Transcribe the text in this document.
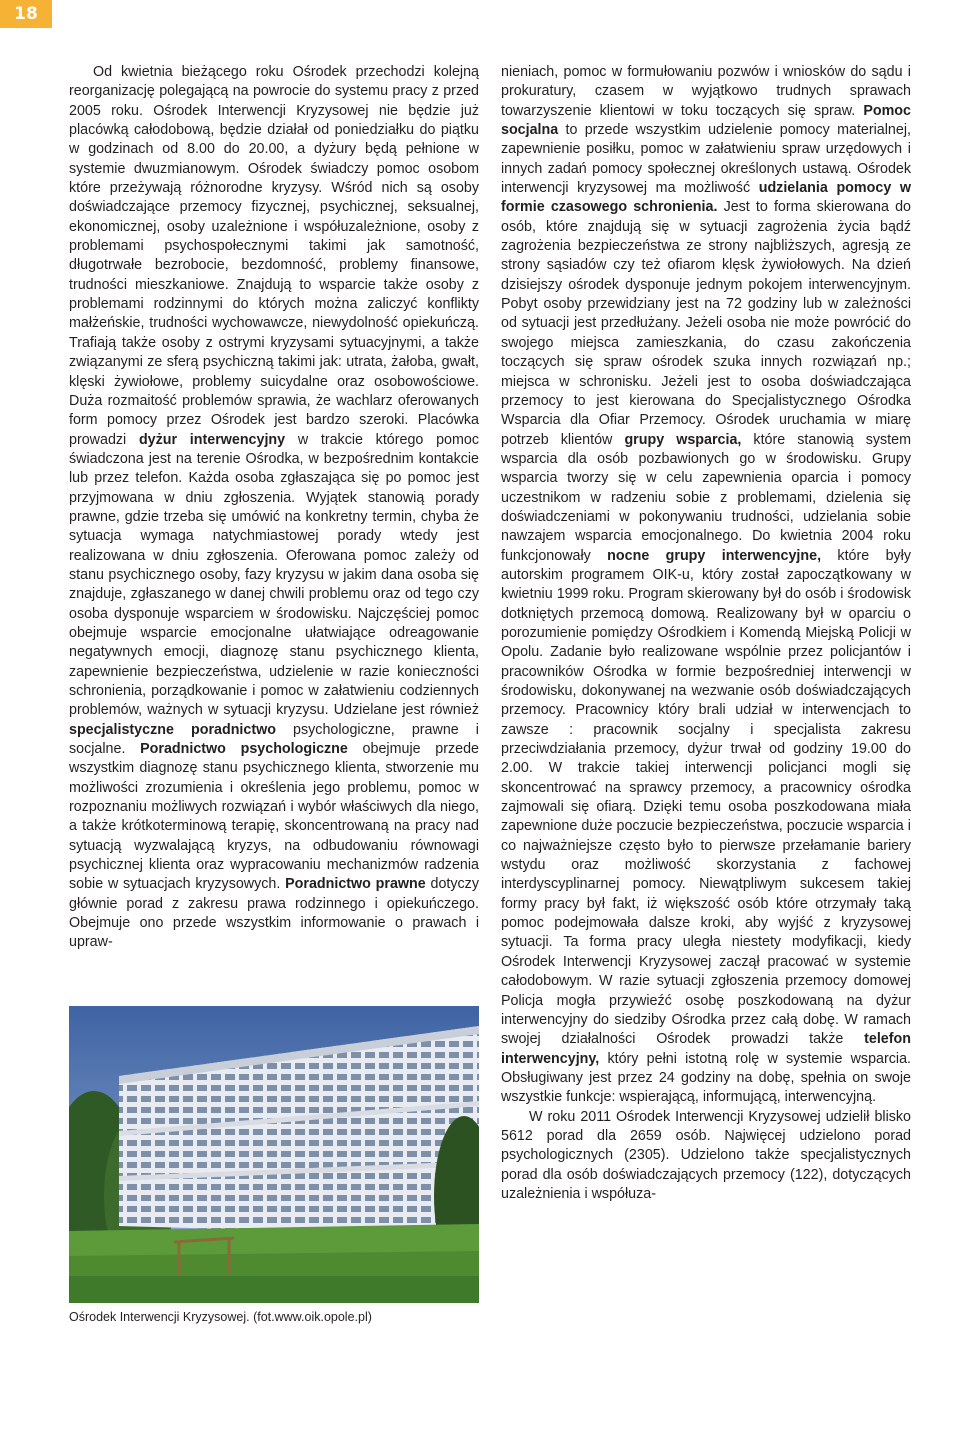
18

Od kwietnia bieżącego roku Ośrodek przechodzi kolejną reorganizację polegającą na powrocie do systemu pracy z przed 2005 roku. Ośrodek Interwencji Kryzysowej nie będzie już placówką całodobową, będzie działał od poniedziałku do piątku w godzinach od 8.00 do 20.00, a dyżury będą pełnione w systemie dwuzmianowym. Ośrodek świadczy pomoc osobom które przeżywają różnorodne kryzysy. Wśród nich są osoby doświadczające przemocy fizycznej, psychicznej, seksualnej, ekonomicznej, osoby uzależnione i współuzależnione, osoby z problemami psychospołecznymi takimi jak samotność, długotrwałe bezrobocie, bezdomność, problemy finansowe, trudności mieszkaniowe. Znajdują to wsparcie także osoby z problemami rodzinnymi do których można zaliczyć konflikty małżeńskie, trudności wychowawcze, niewydolność opiekuńczą. Trafiają także osoby z ostrymi kryzysami sytuacyjnymi, a także związanymi ze sferą psychiczną takimi jak: utrata, żałoba, gwałt, klęski żywiołowe, problemy suicydalne oraz osobowościowe. Duża rozmaitość problemów sprawia, że wachlarz oferowanych form pomocy przez Ośrodek jest bardzo szeroki. Placówka prowadzi dyżur interwencyjny w trakcie którego pomoc świadczona jest na terenie Ośrodka, w bezpośrednim kontakcie lub przez telefon. Każda osoba zgłaszająca się po pomoc jest przyjmowana w dniu zgłoszenia. Wyjątek stanowią porady prawne, gdzie trzeba się umówić na konkretny termin, chyba że sytuacja wymaga natychmiastowej porady wtedy jest realizowana w dniu zgłoszenia. Oferowana pomoc zależy od stanu psychicznego osoby, fazy kryzysu w jakim dana osoba się znajduje, zgłaszanego w danej chwili problemu oraz od tego czy osoba dysponuje wsparciem w środowisku. Najczęściej pomoc obejmuje wsparcie emocjonalne ułatwiające odreagowanie negatywnych emocji, diagnozę stanu psychicznego klienta, zapewnienie bezpieczeństwa, udzielenie w razie konieczności schronienia, porządkowanie i pomoc w załatwieniu codziennych problemów, ważnych w sytuacji kryzysu. Udzielane jest również specjalistyczne poradnictwo psychologiczne, prawne i socjalne. Poradnictwo psychologiczne obejmuje przede wszystkim diagnozę stanu psychicznego klienta, stworzenie mu możliwości zrozumienia i określenia jego problemu, pomoc w rozpoznaniu możliwych rozwiązań i wybór właściwych dla niego, a także krótkoterminową terapię, skoncentrowaną na pracy nad sytuacją wyzwalającą kryzys, na odbudowaniu równowagi psychicznej klienta oraz wypracowaniu mechanizmów radzenia sobie w sytuacjach kryzysowych. Poradnictwo prawne dotyczy głównie porad z zakresu prawa rodzinnego i opiekuńczego. Obejmuje ono przede wszystkim informowanie o prawach i upraw-

Ośrodek Interwencji Kryzysowej. (fot.www.oik.opole.pl)

nieniach, pomoc w formułowaniu pozwów i wniosków do sądu i prokuratury, czasem w wyjątkowo trudnych sprawach towarzyszenie klientowi w toku toczących się spraw. Pomoc socjalna to przede wszystkim udzielenie pomocy materialnej, zapewnienie posiłku, pomoc w załatwieniu spraw urzędowych i innych zadań pomocy społecznej określonych ustawą. Ośrodek interwencji kryzysowej ma możliwość udzielania pomocy w formie czasowego schronienia. Jest to forma skierowana do osób, które znajdują się w sytuacji zagrożenia życia bądź zagrożenia bezpieczeństwa ze strony najbliższych, agresją ze strony sąsiadów czy też ofiarom klęsk żywiołowych. Na dzień dzisiejszy ośrodek dysponuje jednym pokojem interwencyjnym. Pobyt osoby przewidziany jest na 72 godziny lub w zależności od sytuacji jest przedłużany. Jeżeli osoba nie może powrócić do swojego miejsca zamieszkania, do czasu zakończenia toczących się spraw ośrodek szuka innych rozwiązań np.; miejsca w schronisku. Jeżeli jest to osoba doświadczająca przemocy to jest kierowana do Specjalistycznego Ośrodka Wsparcia dla Ofiar Przemocy. Ośrodek uruchamia w miarę potrzeb klientów grupy wsparcia, które stanowią system wsparcia dla osób pozbawionych go w środowisku. Grupy wsparcia tworzy się w celu zapewnienia oparcia i pomocy uczestnikom w radzeniu sobie z problemami, dzielenia się doświadczeniami w pokonywaniu trudności, udzielania sobie nawzajem wsparcia emocjonalnego. Do kwietnia 2004 roku funkcjonowały nocne grupy interwencyjne, które były autorskim programem OIK-u, który został zapoczątkowany w kwietniu 1999 roku. Program skierowany był do osób i środowisk dotkniętych przemocą domową. Realizowany był w oparciu o porozumienie pomiędzy Ośrodkiem i Komendą Miejską Policji w Opolu. Zadanie było realizowane wspólnie przez policjantów i pracowników Ośrodka w formie bezpośredniej interwencji w środowisku, dokonywanej na wezwanie osób doświadczających przemocy. Pracownicy który brali udział w interwencjach to zawsze : pracownik socjalny i specjalista zakresu przeciwdziałania przemocy, dyżur trwał od godziny 19.00 do 2.00. W trakcie takiej interwencji policjanci mogli się skoncentrować na sprawcy przemocy, a pracownicy ośrodka zajmowali się ofiarą. Dzięki temu osoba poszkodowana miała zapewnione duże poczucie bezpieczeństwa, poczucie wsparcia i co najważniejsze często było to pierwsze przełamanie bariery wstydu oraz możliwość skorzystania z fachowej interdyscyplinarnej pomocy. Niewątpliwym sukcesem takiej formy pracy był fakt, iż większość osób które otrzymały taką pomoc podejmowała dalsze kroki, aby wyjść z kryzysowej sytuacji. Ta forma pracy uległa niestety modyfikacji, kiedy Ośrodek Interwencji Kryzysowej zaczął pracować w systemie całodobowym. W razie sytuacji zgłoszenia przemocy domowej Policja mogła przywieźć osobę poszkodowaną na dyżur interwencyjny do siedziby Ośrodka przez całą dobę. W ramach swojej działalności Ośrodek prowadzi także telefon interwencyjny, który pełni istotną rolę w systemie wsparcia. Obsługiwany jest przez 24 godziny na dobę, spełnia on swoje wszystkie funkcje: wspierającą, informującą, interwencyjną.

W roku 2011 Ośrodek Interwencji Kryzysowej udzielił blisko 5612 porad dla 2659 osób. Najwięcej udzielono porad psychologicznych (2305). Udzielono także specjalistycznych porad dla osób doświadczających przemocy (122), dotyczących uzależnienia i współuza-
